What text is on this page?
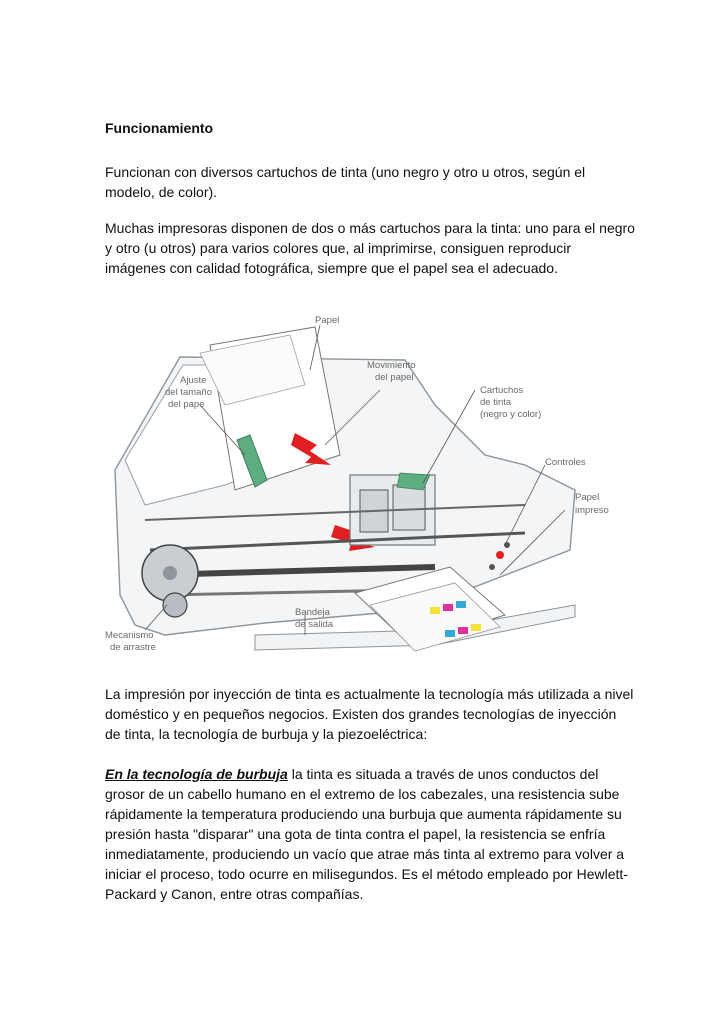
Funcionamiento

Funcionan con diversos cartuchos de tinta (uno negro y otro u otros, según el modelo, de color).

Muchas impresoras disponen de dos o más cartuchos para la tinta: uno para el negro y otro (u otros) para varios colores que, al imprimirse, consiguen reproducir imágenes con calidad fotográfica, siempre que el papel sea el adecuado.

Papel
Ajuste
del tamaño
del pape
Movimiento
del papel
Cartuchos
de tinta
(negro y color)
Controles
Papel
impreso
Bandeja
de salida
Mecanismo
de arrastre

La impresión por inyección de tinta es actualmente la tecnología más utilizada a nivel doméstico y en pequeños negocios. Existen dos grandes tecnologías de inyección de tinta, la tecnología de burbuja y la piezoeléctrica:

En la tecnología de burbuja la tinta es situada a través de unos conductos del grosor de un cabello humano en el extremo de los cabezales, una resistencia sube rápidamente la temperatura produciendo una burbuja que aumenta rápidamente su presión hasta "disparar" una gota de tinta contra el papel, la resistencia se enfría inmediatamente, produciendo un vacío que atrae más tinta al extremo para volver a iniciar el proceso, todo ocurre en milisegundos. Es el método empleado por Hewlett-Packard y Canon, entre otras compañías.
